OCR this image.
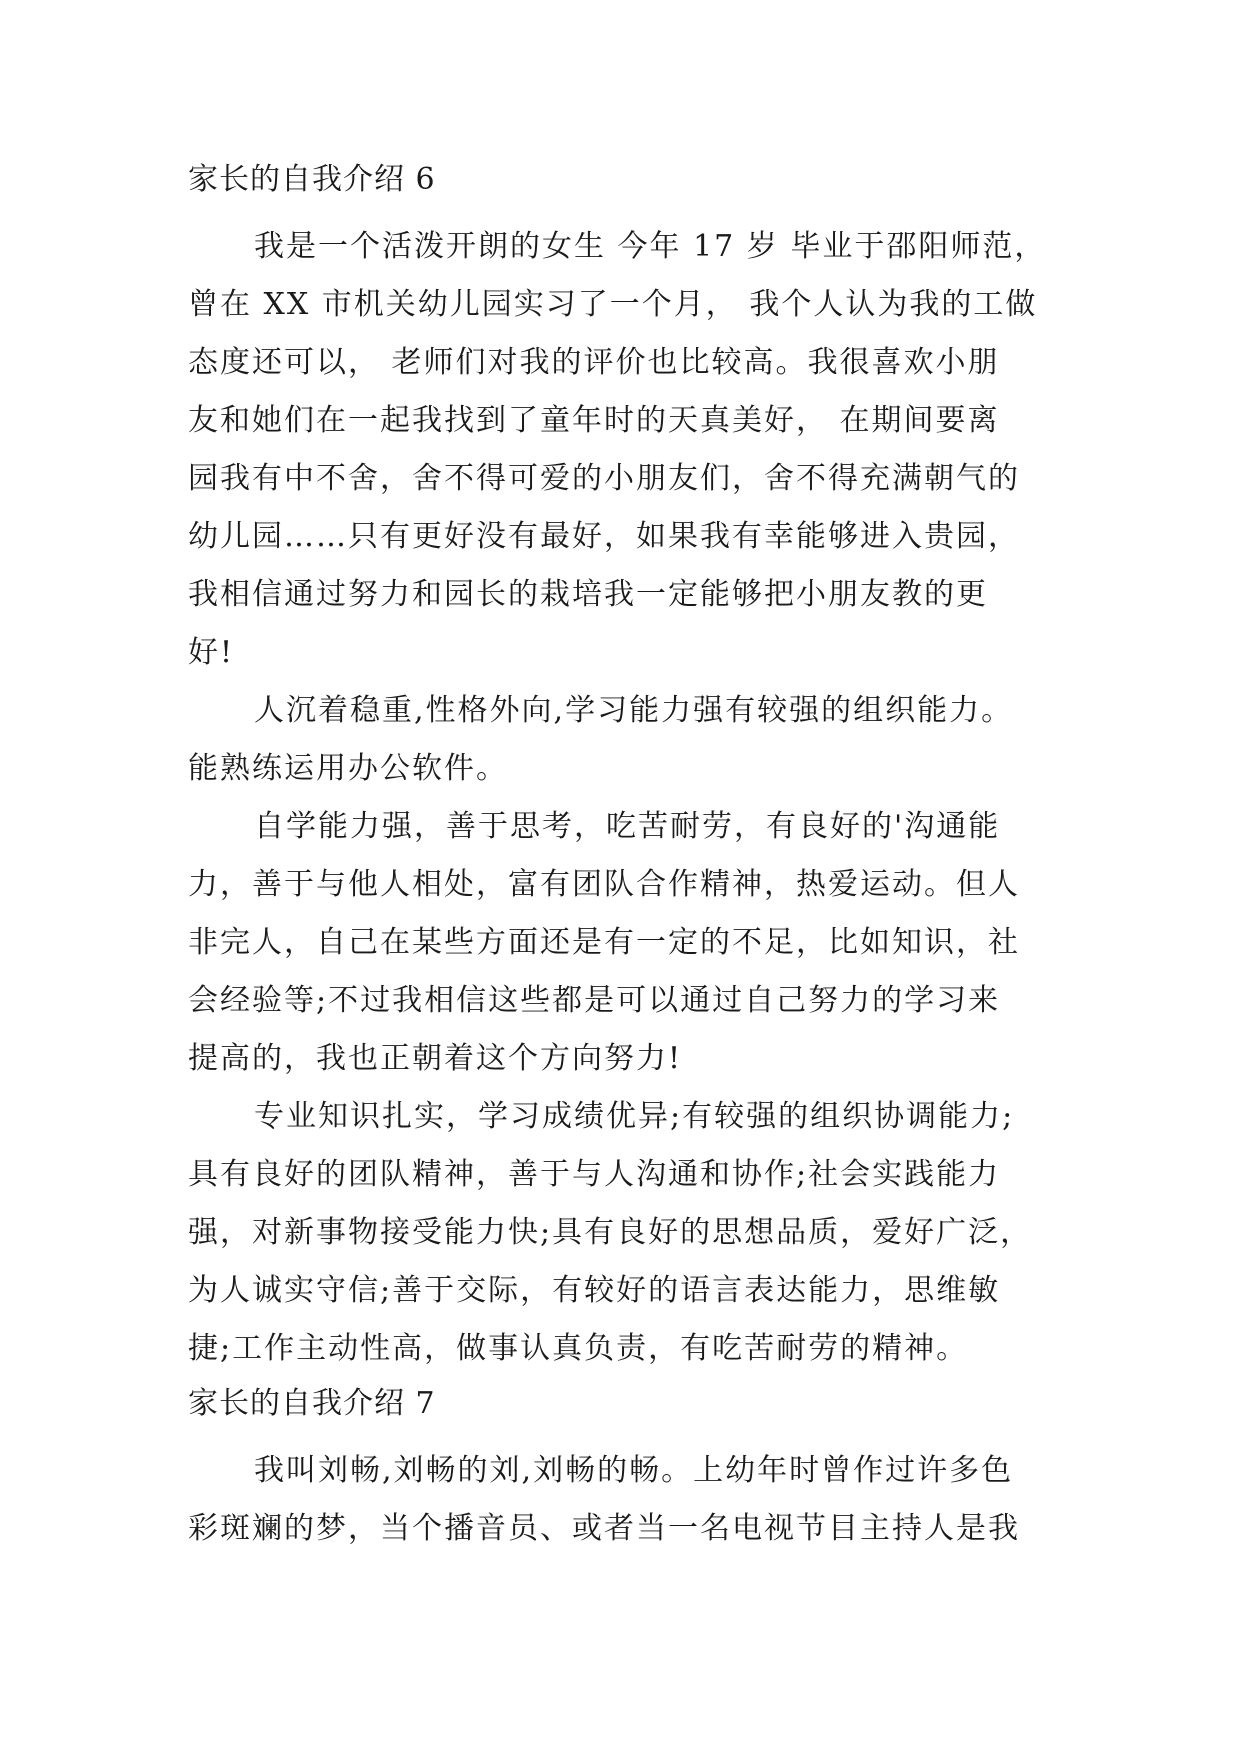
家长的自我介绍 6
我是一个活泼开朗的女生 今年 17 岁 毕业于邵阳师范，
曾在 XX 市机关幼儿园实习了一个月， 我个人认为我的工做
态度还可以， 老师们对我的评价也比较高。我很喜欢小朋
友和她们在一起我找到了童年时的天真美好， 在期间要离
园我有中不舍，舍不得可爱的小朋友们，舍不得充满朝气的
幼儿园……只有更好没有最好，如果我有幸能够进入贵园，
我相信通过努力和园长的栽培我一定能够把小朋友教的更
好!
人沉着稳重,性格外向,学习能力强有较强的组织能力。
能熟练运用办公软件。
自学能力强，善于思考，吃苦耐劳，有良好的'沟通能
力，善于与他人相处，富有团队合作精神，热爱运动。但人
非完人，自己在某些方面还是有一定的不足，比如知识，社
会经验等;不过我相信这些都是可以通过自己努力的学习来
提高的，我也正朝着这个方向努力!
专业知识扎实，学习成绩优异;有较强的组织协调能力;
具有良好的团队精神，善于与人沟通和协作;社会实践能力
强，对新事物接受能力快;具有良好的思想品质，爱好广泛，
为人诚实守信;善于交际，有较好的语言表达能力，思维敏
捷;工作主动性高，做事认真负责，有吃苦耐劳的精神。
家长的自我介绍 7
我叫刘畅,刘畅的刘,刘畅的畅。上幼年时曾作过许多色
彩斑斓的梦，当个播音员、或者当一名电视节目主持人是我
